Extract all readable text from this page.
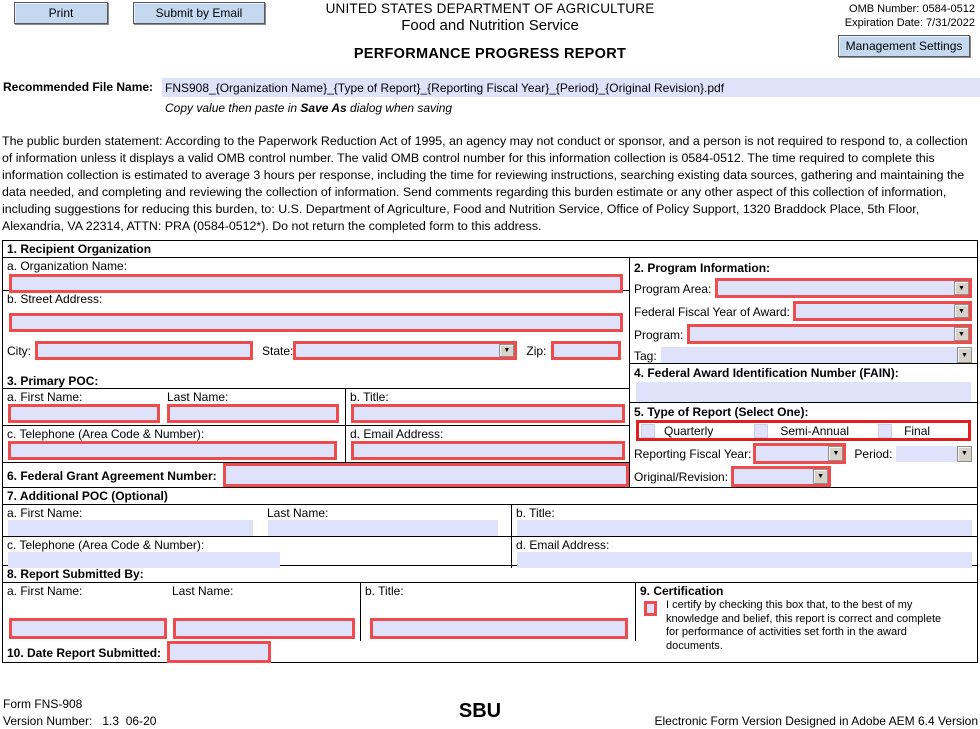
Print	Submit by Email	UNITED STATES DEPARTMENT OF AGRICULTURE
Food and Nutrition Service
PERFORMANCE PROGRESS REPORT
OMB Number: 0584-0512
Expiration Date: 7/31/2022
Management Settings
Recommended File Name: FNS908_{Organization Name}_{Type of Report}_{Reporting Fiscal Year}_{Period}_{Original Revision}.pdf
Copy value then paste in Save As dialog when saving
The public burden statement: According to the Paperwork Reduction Act of 1995, an agency may not conduct or sponsor, and a person is not required to respond to, a collection of information unless it displays a valid OMB control number. The valid OMB control number for this information collection is 0584-0512. The time required to complete this information collection is estimated to average 3 hours per response, including the time for reviewing instructions, searching existing data sources, gathering and maintaining the data needed, and completing and reviewing the collection of information. Send comments regarding this burden estimate or any other aspect of this collection of information, including suggestions for reducing this burden, to: U.S. Department of Agriculture, Food and Nutrition Service, Office of Policy Support, 1320 Braddock Place, 5th Floor, Alexandria, VA 22314, ATTN: PRA (0584-0512*). Do not return the completed form to this address.
1. Recipient Organization
a. Organization Name:
b. Street Address:
City:	State:	▼	Zip:
3. Primary POC:
a. First Name:	Last Name:	b. Title:
c. Telephone (Area Code & Number):	d. Email Address:
6. Federal Grant Agreement Number:
2. Program Information:
Program Area:	▼
Federal Fiscal Year of Award:	▼
Program:	▼
Tag:	▼
4. Federal Award Identification Number (FAIN):
5. Type of Report (Select One):
Quarterly	Semi-Annual	Final
Reporting Fiscal Year:	▼	Period:	▼
Original/Revision:	▼
7. Additional POC (Optional)
a. First Name:	Last Name:	b. Title:
c. Telephone (Area Code & Number):	d. Email Address:
8. Report Submitted By:
a. First Name:	Last Name:	b. Title:	9. Certification
I certify by checking this box that, to the best of my knowledge and belief, this report is correct and complete for performance of activities set forth in the award documents.
10. Date Report Submitted:
Form FNS-908
Version Number:   1.3  06-20	SBU	Electronic Form Version Designed in Adobe AEM 6.4 Version
